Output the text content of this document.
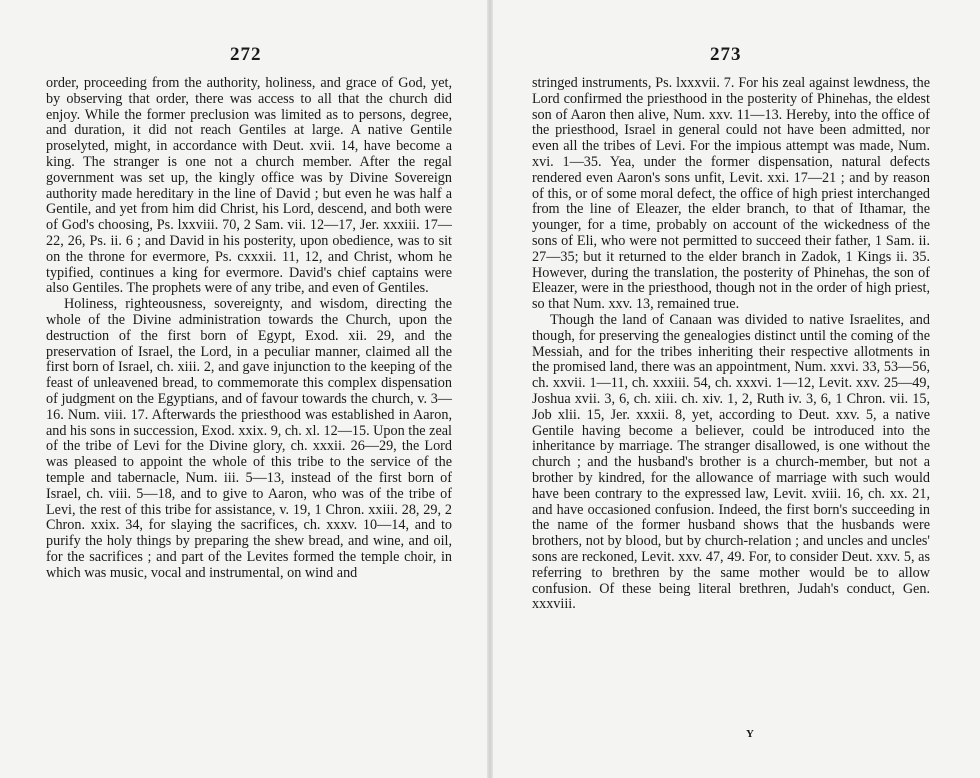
272

order, proceeding from the authority, holiness, and grace of God, yet, by observing that order, there was access to all that the church did enjoy. While the former preclusion was limited as to persons, degree, and duration, it did not reach Gentiles at large. A native Gentile proselyted, might, in accordance with Deut. xvii. 14, have become a king. The stranger is one not a church member. After the regal government was set up, the kingly office was by Divine Sovereign authority made hereditary in the line of David ; but even he was half a Gentile, and yet from him did Christ, his Lord, descend, and both were of God's choosing, Ps. lxxviii. 70, 2 Sam. vii. 12—17, Jer. xxxiii. 17—22, 26, Ps. ii. 6 ; and David in his posterity, upon obedience, was to sit on the throne for evermore, Ps. cxxxii. 11, 12, and Christ, whom he typified, continues a king for evermore. David's chief captains were also Gentiles. The prophets were of any tribe, and even of Gentiles.

Holiness, righteousness, sovereignty, and wisdom, directing the whole of the Divine administration towards the Church, upon the destruction of the first born of Egypt, Exod. xii. 29, and the preservation of Israel, the Lord, in a peculiar manner, claimed all the first born of Israel, ch. xiii. 2, and gave injunction to the keeping of the feast of unleavened bread, to commemorate this complex dispensation of judgment on the Egyptians, and of favour towards the church, v. 3—16. Num. viii. 17. Afterwards the priesthood was established in Aaron, and his sons in succession, Exod. xxix. 9, ch. xl. 12—15. Upon the zeal of the tribe of Levi for the Divine glory, ch. xxxii. 26—29, the Lord was pleased to appoint the whole of this tribe to the service of the temple and tabernacle, Num. iii. 5—13, instead of the first born of Israel, ch. viii. 5—18, and to give to Aaron, who was of the tribe of Levi, the rest of this tribe for assistance, v. 19, 1 Chron. xxiii. 28, 29, 2 Chron. xxix. 34, for slaying the sacrifices, ch. xxxv. 10—14, and to purify the holy things by preparing the shew bread, and wine, and oil, for the sacrifices ; and part of the Levites formed the temple choir, in which was music, vocal and instrumental, on wind and

273

stringed instruments, Ps. lxxxvii. 7. For his zeal against lewdness, the Lord confirmed the priesthood in the posterity of Phinehas, the eldest son of Aaron then alive, Num. xxv. 11—13. Hereby, into the office of the priesthood, Israel in general could not have been admitted, nor even all the tribes of Levi. For the impious attempt was made, Num. xvi. 1—35. Yea, under the former dispensation, natural defects rendered even Aaron's sons unfit, Levit. xxi. 17—21 ; and by reason of this, or of some moral defect, the office of high priest interchanged from the line of Eleazer, the elder branch, to that of Ithamar, the younger, for a time, probably on account of the wickedness of the sons of Eli, who were not permitted to succeed their father, 1 Sam. ii. 27—35; but it returned to the elder branch in Zadok, 1 Kings ii. 35. However, during the translation, the posterity of Phinehas, the son of Eleazer, were in the priesthood, though not in the order of high priest, so that Num. xxv. 13, remained true.

Though the land of Canaan was divided to native Israelites, and though, for preserving the genealogies distinct until the coming of the Messiah, and for the tribes inheriting their respective allotments in the promised land, there was an appointment, Num. xxvi. 33, 53—56, ch. xxvii. 1—11, ch. xxxiii. 54, ch. xxxvi. 1—12, Levit. xxv. 25—49, Joshua xvii. 3, 6, ch. xiii. ch. xiv. 1, 2, Ruth iv. 3, 6, 1 Chron. vii. 15, Job xlii. 15, Jer. xxxii. 8, yet, according to Deut. xxv. 5, a native Gentile having become a believer, could be introduced into the inheritance by marriage. The stranger disallowed, is one without the church ; and the husband's brother is a church-member, but not a brother by kindred, for the allowance of marriage with such would have been contrary to the expressed law, Levit. xviii. 16, ch. xx. 21, and have occasioned confusion. Indeed, the first born's succeeding in the name of the former husband shows that the husbands were brothers, not by blood, but by church-relation ; and uncles and uncles' sons are reckoned, Levit. xxv. 47, 49. For, to consider Deut. xxv. 5, as referring to brethren by the same mother would be to allow confusion. Of these being literal brethren, Judah's conduct, Gen. xxxviii.

Y
